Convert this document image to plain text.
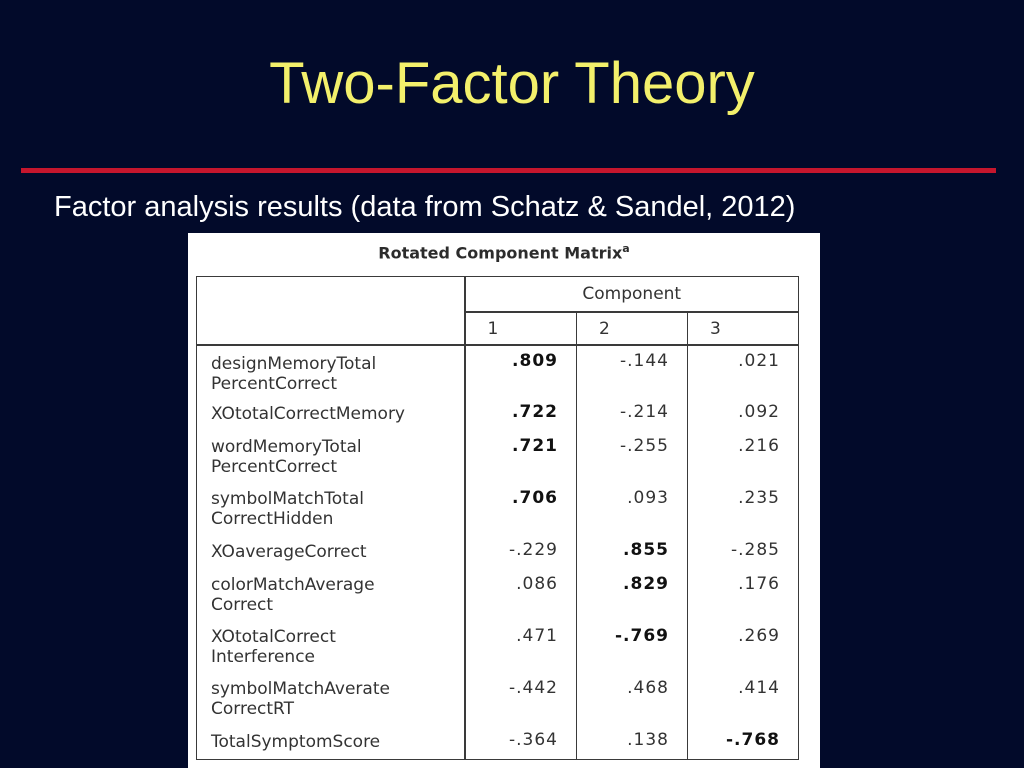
Two-Factor Theory
Factor analysis results (data from Schatz & Sandel, 2012)
Rotated Component Matrix$^a$
	Component		
	1	2	3
designMemoryTotal
PercentCorrect	.809	-.144	.021
XOtotalCorrectMemory	.722	-.214	.092
wordMemoryTotal
PercentCorrect	.721	-.255	.216
symbolMatchTotal
CorrectHidden	.706	.093	.235
XOaverageCorrect	-.229	.855	-.285
colorMatchAverage
Correct	.086	.829	.176
XOtotalCorrect
Interference	.471	-.769	.269
symbolMatchAverate
CorrectRT	-.442	.468	.414
TotalSymptomScore	-.364	.138	-.768
